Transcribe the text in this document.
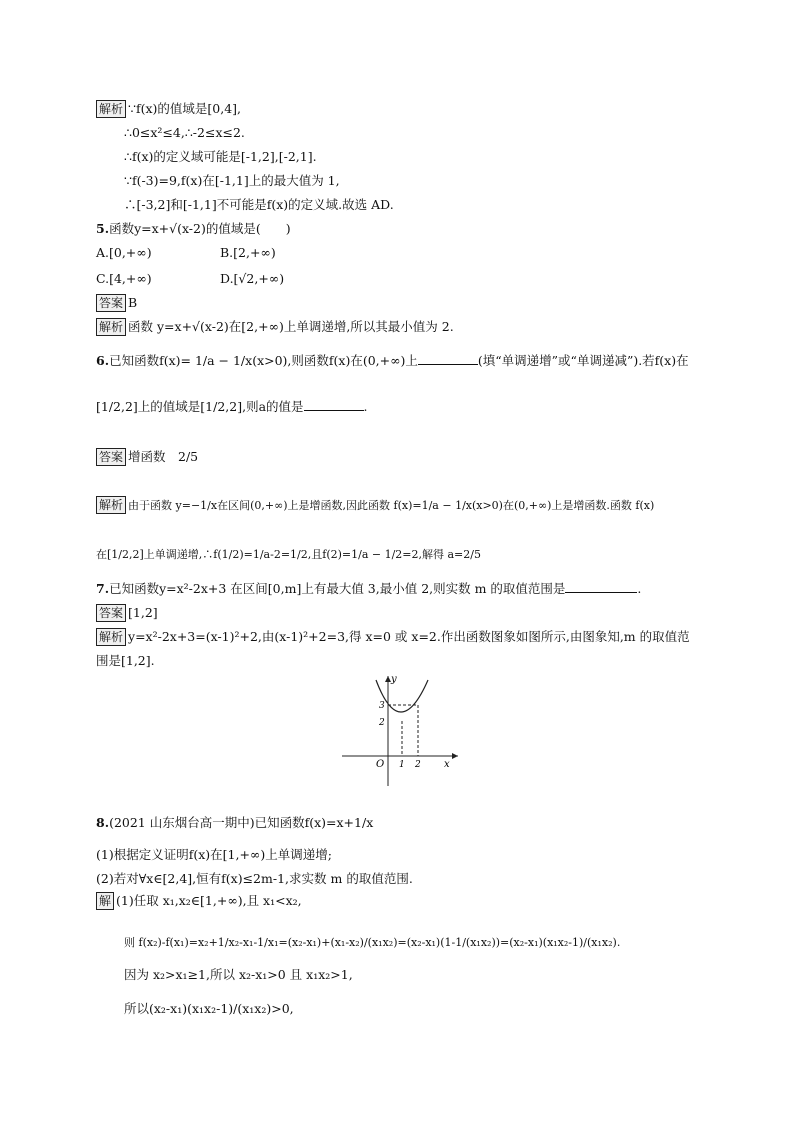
解析 ∵f(x)的值域是[0,4],
∴0≤x²≤4,∴-2≤x≤2.
∴f(x)的定义域可能是[-1,2],[-2,1].
∵f(-3)=9,f(x)在[-1,1]上的最大值为 1,
∴[-3,2]和[-1,1]不可能是f(x)的定义域.故选 AD.
5.函数y=x+√(x-2)的值域是(　　)
A.[0,+∞)	B.[2,+∞)
C.[4,+∞)	D.[√2,+∞)
答案 B
解析 函数 y=x+√(x-2)在[2,+∞)上单调递增,所以其最小值为 2.
6.已知函数f(x)= 1/a − 1/x(x>0),则函数f(x)在(0,+∞)上	(填“单调递增”或“单调递减”).若f(x)在
[1/2,2]上的值域是[1/2,2],则a的值是	.
答案 增函数　2/5
解析 由于函数 y=−1/x在区间(0,+∞)上是增函数,因此函数 f(x)=1/a − 1/x(x>0)在(0,+∞)上是增函数.函数 f(x)
在[1/2,2]上单调递增,∴f(1/2)=1/a-2=1/2,且f(2)=1/a − 1/2=2,解得 a=2/5
7.已知函数y=x²-2x+3 在区间[0,m]上有最大值 3,最小值 2,则实数 m 的取值范围是	.
答案 [1,2]
解析 y=x²-2x+3=(x-1)²+2,由(x-1)²+2=3,得 x=0 或 x=2.作出函数图象如图所示,由图象知,m 的取值范
围是[1,2].
y
x
O 1 2
2
3
8.(2021 山东烟台高一期中)已知函数f(x)=x+1/x
(1)根据定义证明f(x)在[1,+∞)上单调递增;
(2)若对∀x∈[2,4],恒有f(x)≤2m-1,求实数 m 的取值范围.
解 (1)任取 x₁,x₂∈[1,+∞),且 x₁<x₂,
则 f(x₂)-f(x₁)=x₂+1/x₂-x₁-1/x₁=(x₂-x₁)+(x₁-x₂)/(x₁x₂)=(x₂-x₁)(1-1/(x₁x₂))=(x₂-x₁)(x₁x₂-1)/(x₁x₂).
因为 x₂>x₁≥1,所以 x₂-x₁>0 且 x₁x₂>1,
所以(x₂-x₁)(x₁x₂-1)/(x₁x₂)>0,
